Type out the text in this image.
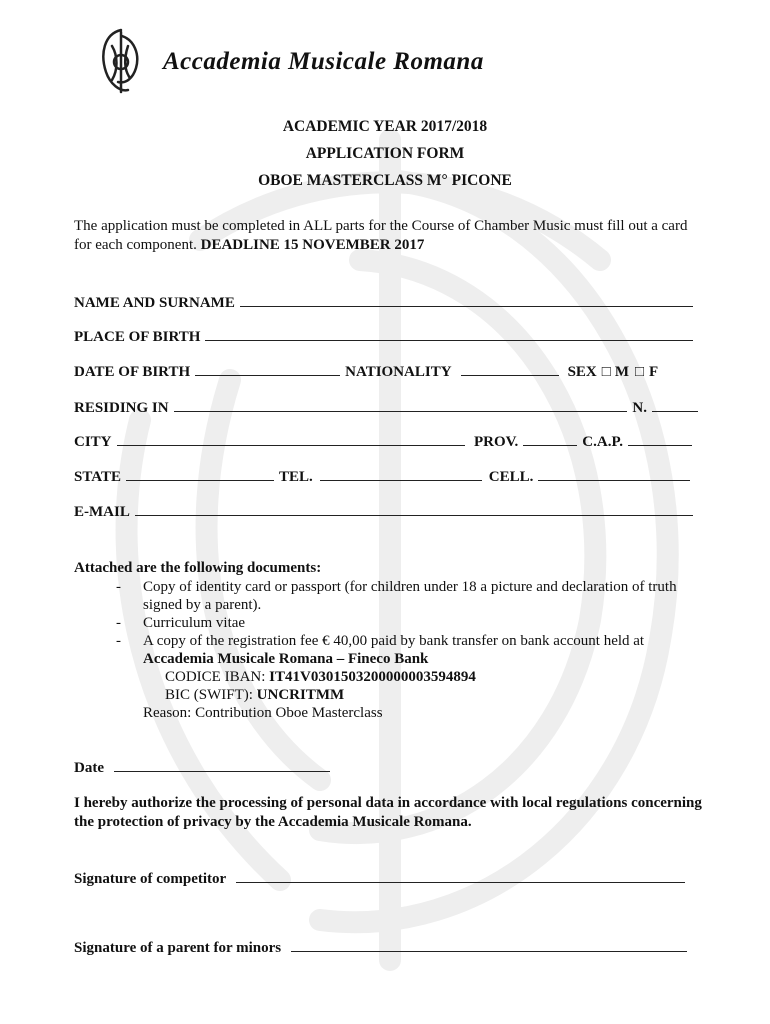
Accademia Musicale Romana
ACADEMIC YEAR 2017/2018
APPLICATION FORM
OBOE MASTERCLASS M° PICONE
The application must be completed in ALL parts for the Course of Chamber Music must fill out a card for each component. DEADLINE 15 NOVEMBER 2017
NAME AND SURNAME
PLACE OF BIRTH
DATE OF BIRTH	NATIONALITY	SEX □ M □ F
RESIDING IN	N.
CITY	PROV.	C.A.P.
STATE	TEL.	CELL.
E-MAIL
Attached are the following documents:
-	Copy of identity card or passport (for children under 18 a picture and declaration of truth signed by a parent).
-	Curriculum vitae
-	A copy of the registration fee € 40,00 paid by bank transfer on bank account held at Accademia Musicale Romana – Fineco Bank
CODICE IBAN: IT41V0301503200000003594894
BIC (SWIFT): UNCRITMM
Reason: Contribution Oboe Masterclass
Date
I hereby authorize the processing of personal data in accordance with local regulations concerning the protection of privacy by the Accademia Musicale Romana.
Signature of competitor
Signature of a parent for minors
